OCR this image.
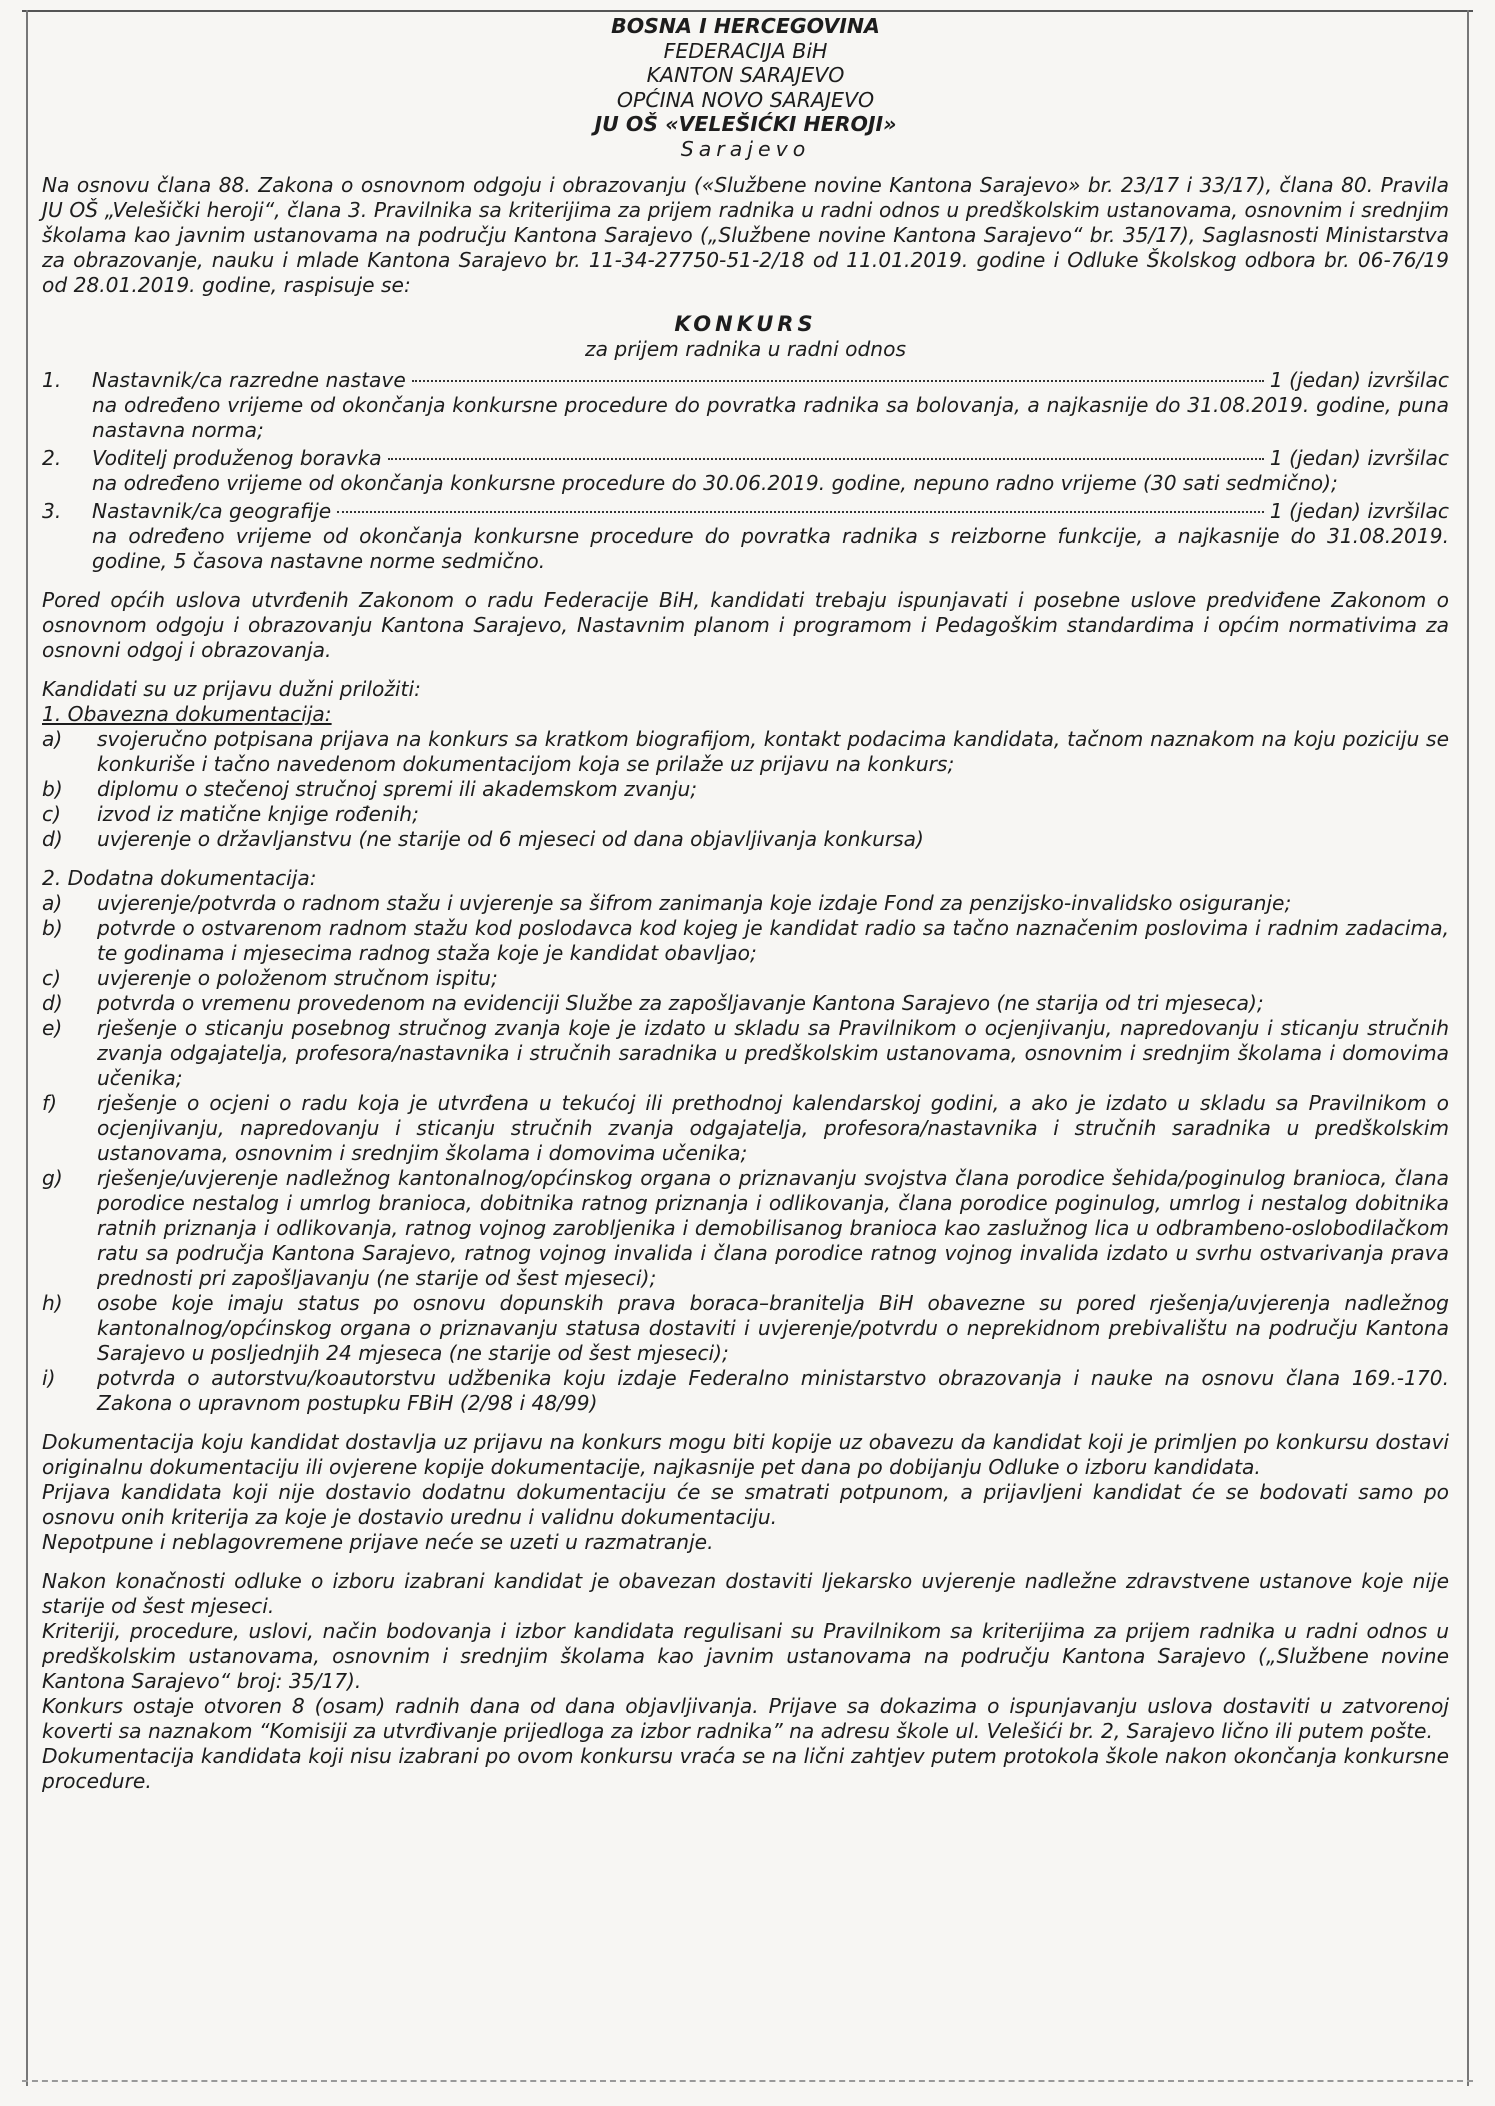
BOSNA I HERCEGOVINA
FEDERACIJA BiH
KANTON SARAJEVO
OPĆINA NOVO SARAJEVO
JU OŠ «VELEŠIĆKI HEROJI»
Sarajevo

Na osnovu člana 88. Zakona o osnovnom odgoju i obrazovanju («Službene novine Kantona Sarajevo» br. 23/17 i 33/17), člana 80. Pravila JU OŠ „Velešički heroji“, člana 3. Pravilnika sa kriterijima za prijem radnika u radni odnos u predškolskim ustanovama, osnovnim i srednjim školama kao javnim ustanovama na području Kantona Sarajevo („Službene novine Kantona Sarajevo“ br. 35/17), Saglasnosti Ministarstva za obrazovanje, nauku i mlade Kantona Sarajevo br. 11-34-27750-51-2/18 od 11.01.2019. godine i Odluke Školskog odbora br. 06-76/19 od 28.01.2019. godine, raspisuje se:

KONKURS
za prijem radnika u radni odnos
1.	Nastavnik/ca razredne nastave	1 (jedan) izvršilac
na određeno vrijeme od okončanja konkursne procedure do povratka radnika sa bolovanja, a najkasnije do 31.08.2019. godine, puna nastavna norma;
2.	Voditelj produženog boravka	1 (jedan) izvršilac
na određeno vrijeme od okončanja konkursne procedure do 30.06.2019. godine, nepuno radno vrijeme (30 sati sedmično);
3.	Nastavnik/ca geografije	1 (jedan) izvršilac
na određeno vrijeme od okončanja konkursne procedure do povratka radnika s reizborne funkcije, a najkasnije do 31.08.2019. godine, 5 časova nastavne norme sedmično.

Pored općih uslova utvrđenih Zakonom o radu Federacije BiH, kandidati trebaju ispunjavati i posebne uslove predviđene Zakonom o osnovnom odgoju i obrazovanju Kantona Sarajevo, Nastavnim planom i programom i Pedagoškim standardima i općim normativima za osnovni odgoj i obrazovanja.

Kandidati su uz prijavu dužni priložiti:
1. Obavezna dokumentacija:
a)	svojeručno potpisana prijava na konkurs sa kratkom biografijom, kontakt podacima kandidata, tačnom naznakom na koju poziciju se konkuriše i tačno navedenom dokumentacijom koja se prilaže uz prijavu na konkurs;
b)	diplomu o stečenoj stručnoj spremi ili akademskom zvanju;
c)	izvod iz matične knjige rođenih;
d)	uvjerenje o državljanstvu (ne starije od 6 mjeseci od dana objavljivanja konkursa)
2. Dodatna dokumentacija:
a)	uvjerenje/potvrda o radnom stažu i uvjerenje sa šifrom zanimanja koje izdaje Fond za penzijsko-invalidsko osiguranje;
b)	potvrde o ostvarenom radnom stažu kod poslodavca kod kojeg je kandidat radio sa tačno naznačenim poslovima i radnim zadacima, te godinama i mjesecima radnog staža koje je kandidat obavljao;
c)	uvjerenje o položenom stručnom ispitu;
d)	potvrda o vremenu provedenom na evidenciji Službe za zapošljavanje Kantona Sarajevo (ne starija od tri mjeseca);
e)	rješenje o sticanju posebnog stručnog zvanja koje je izdato u skladu sa Pravilnikom o ocjenjivanju, napredovanju i sticanju stručnih zvanja odgajatelja, profesora/nastavnika i stručnih saradnika u predškolskim ustanovama, osnovnim i srednjim školama i domovima učenika;
f)	rješenje o ocjeni o radu koja je utvrđena u tekućoj ili prethodnoj kalendarskoj godini, a ako je izdato u skladu sa Pravilnikom o ocjenjivanju, napredovanju i sticanju stručnih zvanja odgajatelja, profesora/nastavnika i stručnih saradnika u predškolskim ustanovama, osnovnim i srednjim školama i domovima učenika;
g)	rješenje/uvjerenje nadležnog kantonalnog/općinskog organa o priznavanju svojstva člana porodice šehida/poginulog branioca, člana porodice nestalog i umrlog branioca, dobitnika ratnog priznanja i odlikovanja, člana porodice poginulog, umrlog i nestalog dobitnika ratnih priznanja i odlikovanja, ratnog vojnog zarobljenika i demobilisanog branioca kao zaslužnog lica u odbrambeno-oslobodilačkom ratu sa područja Kantona Sarajevo, ratnog vojnog invalida i člana porodice ratnog vojnog invalida izdato u svrhu ostvarivanja prava prednosti pri zapošljavanju (ne starije od šest mjeseci);
h)	osobe koje imaju status po osnovu dopunskih prava boraca–branitelja BiH obavezne su pored rješenja/uvjerenja nadležnog kantonalnog/općinskog organa o priznavanju statusa dostaviti i uvjerenje/potvrdu o neprekidnom prebivalištu na području Kantona Sarajevo u posljednjih 24 mjeseca (ne starije od šest mjeseci);
i)	potvrda o autorstvu/koautorstvu udžbenika koju izdaje Federalno ministarstvo obrazovanja i nauke na osnovu člana 169.-170. Zakona o upravnom postupku FBiH (2/98 i 48/99)

Dokumentacija koju kandidat dostavlja uz prijavu na konkurs mogu biti kopije uz obavezu da kandidat koji je primljen po konkursu dostavi originalnu dokumentaciju ili ovjerene kopije dokumentacije, najkasnije pet dana po dobijanju Odluke o izboru kandidata.

Prijava kandidata koji nije dostavio dodatnu dokumentaciju će se smatrati potpunom, a prijavljeni kandidat će se bodovati samo po osnovu onih kriterija za koje je dostavio urednu i validnu dokumentaciju.

Nepotpune i neblagovremene prijave neće se uzeti u razmatranje.

Nakon konačnosti odluke o izboru izabrani kandidat je obavezan dostaviti ljekarsko uvjerenje nadležne zdravstvene ustanove koje nije starije od šest mjeseci.

Kriteriji, procedure, uslovi, način bodovanja i izbor kandidata regulisani su Pravilnikom sa kriterijima za prijem radnika u radni odnos u predškolskim ustanovama, osnovnim i srednjim školama kao javnim ustanovama na području Kantona Sarajevo („Službene novine Kantona Sarajevo“ broj: 35/17).

Konkurs ostaje otvoren 8 (osam) radnih dana od dana objavljivanja. Prijave sa dokazima o ispunjavanju uslova dostaviti u zatvorenoj koverti sa naznakom “Komisiji za utvrđivanje prijedloga za izbor radnika” na adresu škole ul. Velešići br. 2, Sarajevo lično ili putem pošte.

Dokumentacija kandidata koji nisu izabrani po ovom konkursu vraća se na lični zahtjev putem protokola škole nakon okončanja konkursne procedure.
